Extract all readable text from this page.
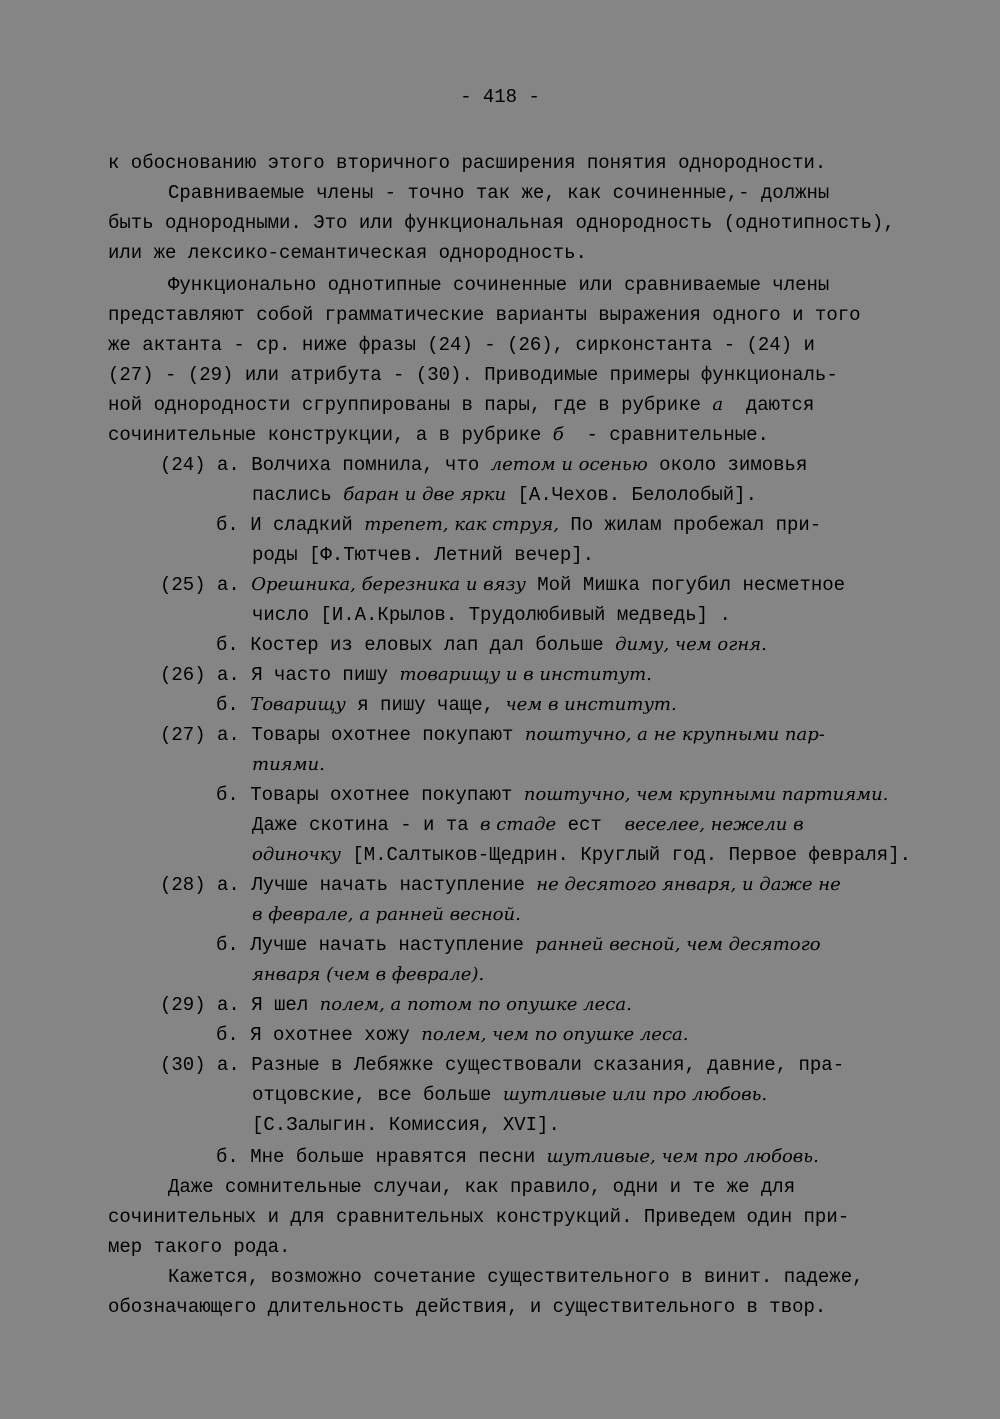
- 418 -
к обоснованию этого вторичного расширения понятия однородности.
Сравниваемые члены - точно так же, как сочиненные,- должны
быть однородными. Это или функциональная однородность (однотипность),
или же лексико-семантическая однородность.
Функционально однотипные сочиненные или сравниваемые члены
представляют собой грамматические варианты выражения одного и того
же актанта - ср. ниже фразы (24) - (26), сирконстанта - (24) и
(27) - (29) или атрибута - (30). Приводимые примеры функциональ-
ной однородности сгруппированы в пары, где в рубрике а  даются
сочинительные конструкции, а в рубрике б  - сравнительные.
(24) а. Волчиха помнила, что летом и осенью около зимовья
паслись баран и две ярки [А.Чехов. Белолобый].
б. И сладкий трепет, как струя, По жилам пробежал при-
роды [Ф.Тютчев. Летний вечер].
(25) а. Орешника, березника и вязу Мой Мишка погубил несметное
число [И.А.Крылов. Трудолюбивый медведь] .
б. Костер из еловых лап дал больше диму, чем огня.
(26) а. Я часто пишу товарищу и в институт.
б. Товарищу я пишу чаще, чем в институт.
(27) а. Товары охотнее покупают поштучно, а не крупными пар-
тиями.
б. Товары охотнее покупают поштучно, чем крупными партиями.
Даже скотина - и та в стаде ест  веселее, нежели в
одиночку [М.Салтыков-Щедрин. Круглый год. Первое февраля].
(28) а. Лучше начать наступление не десятого января, и даже не
в феврале, а ранней весной.
б. Лучше начать наступление ранней весной, чем десятого
января (чем в феврале).
(29) а. Я шел полем, а потом по опушке леса.
б. Я охотнее хожу полем, чем по опушке леса.
(30) а. Разные в Лебяжке существовали сказания, давние, пра-
отцовские, все больше шутливые или про любовь.
[С.Залыгин. Комиссия, XVI].
б. Мне больше нравятся песни шутливые, чем про любовь.
Даже сомнительные случаи, как правило, одни и те же для
сочинительных и для сравнительных конструкций. Приведем один при-
мер такого рода.
Кажется, возможно сочетание существительного в винит. падеже,
обозначающего длительность действия, и существительного в твор.
